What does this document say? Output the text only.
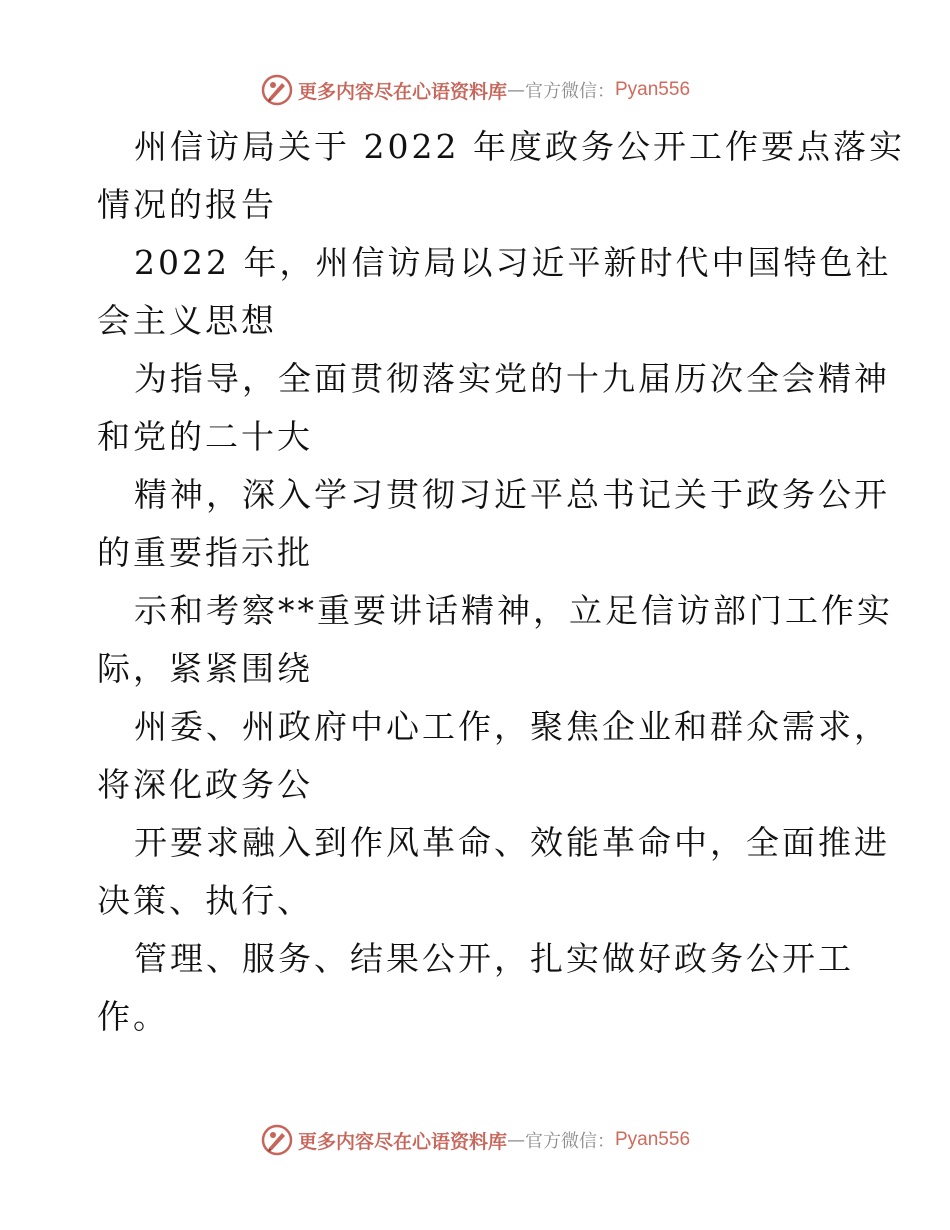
更多内容尽在心语资料库 — 官方微信： Pyan556

州信访局关于 2022 年度政务公开工作要点落实
情况的报告

2022 年，州信访局以习近平新时代中国特色社
会主义思想

为指导，全面贯彻落实党的十九届历次全会精神
和党的二十大

精神，深入学习贯彻习近平总书记关于政务公开
的重要指示批

示和考察**重要讲话精神，立足信访部门工作实
际，紧紧围绕

州委、州政府中心工作，聚焦企业和群众需求，
将深化政务公

开要求融入到作风革命、效能革命中，全面推进
决策、执行、

管理、服务、结果公开，扎实做好政务公开工
作。

更多内容尽在心语资料库 — 官方微信： Pyan556
